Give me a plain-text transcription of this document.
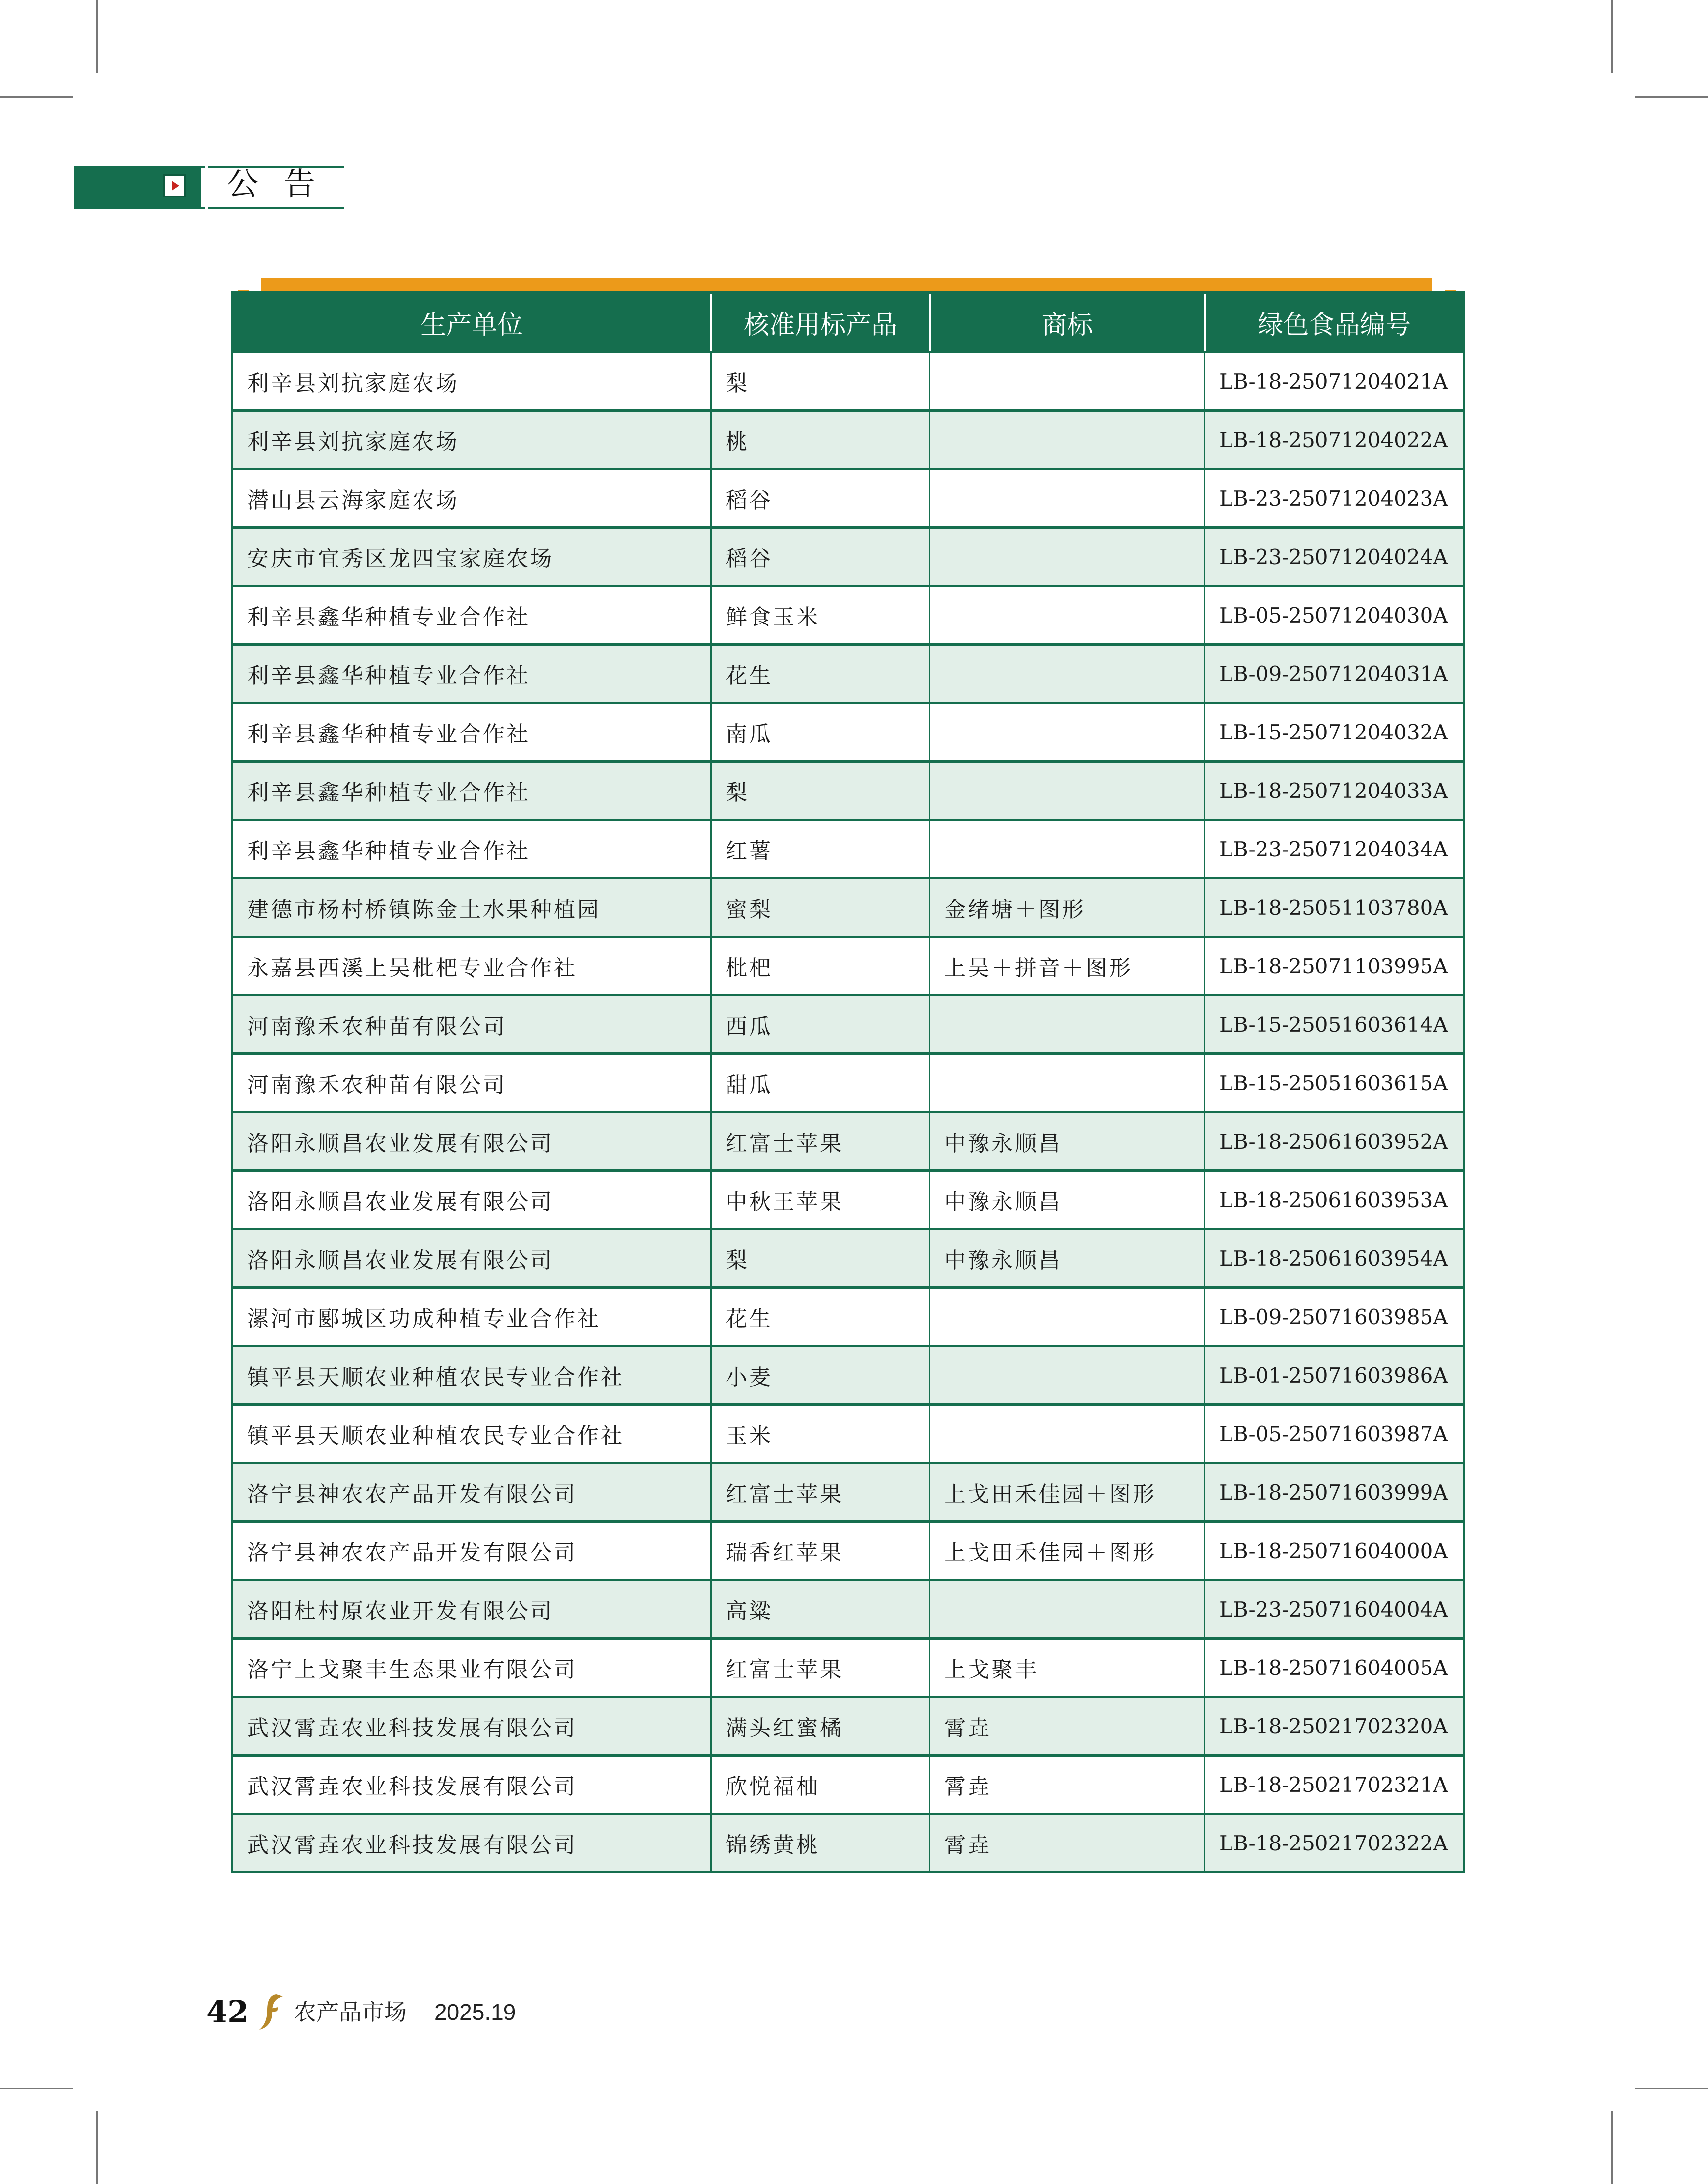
公告
生产单位	核准用标产品	商标	绿色食品编号
利辛县刘抗家庭农场	梨		LB-18-25071204021A
利辛县刘抗家庭农场	桃		LB-18-25071204022A
潜山县云海家庭农场	稻谷		LB-23-25071204023A
安庆市宜秀区龙四宝家庭农场	稻谷		LB-23-25071204024A
利辛县鑫华种植专业合作社	鲜食玉米		LB-05-25071204030A
利辛县鑫华种植专业合作社	花生		LB-09-25071204031A
利辛县鑫华种植专业合作社	南瓜		LB-15-25071204032A
利辛县鑫华种植专业合作社	梨		LB-18-25071204033A
利辛县鑫华种植专业合作社	红薯		LB-23-25071204034A
建德市杨村桥镇陈金土水果种植园	蜜梨	金绪塘＋图形	LB-18-25051103780A
永嘉县西溪上吴枇杷专业合作社	枇杷	上吴＋拼音＋图形	LB-18-25071103995A
河南豫禾农种苗有限公司	西瓜		LB-15-25051603614A
河南豫禾农种苗有限公司	甜瓜		LB-15-25051603615A
洛阳永顺昌农业发展有限公司	红富士苹果	中豫永顺昌	LB-18-25061603952A
洛阳永顺昌农业发展有限公司	中秋王苹果	中豫永顺昌	LB-18-25061603953A
洛阳永顺昌农业发展有限公司	梨	中豫永顺昌	LB-18-25061603954A
漯河市郾城区功成种植专业合作社	花生		LB-09-25071603985A
镇平县天顺农业种植农民专业合作社	小麦		LB-01-25071603986A
镇平县天顺农业种植农民专业合作社	玉米		LB-05-25071603987A
洛宁县神农农产品开发有限公司	红富士苹果	上戈田禾佳园＋图形	LB-18-25071603999A
洛宁县神农农产品开发有限公司	瑞香红苹果	上戈田禾佳园＋图形	LB-18-25071604000A
洛阳杜村原农业开发有限公司	高粱		LB-23-25071604004A
洛宁上戈聚丰生态果业有限公司	红富士苹果	上戈聚丰	LB-18-25071604005A
武汉霄垚农业科技发展有限公司	满头红蜜橘	霄垚	LB-18-25021702320A
武汉霄垚农业科技发展有限公司	欣悦福柚	霄垚	LB-18-25021702321A
武汉霄垚农业科技发展有限公司	锦绣黄桃	霄垚	LB-18-25021702322A
42 农产品市场 2025.19
